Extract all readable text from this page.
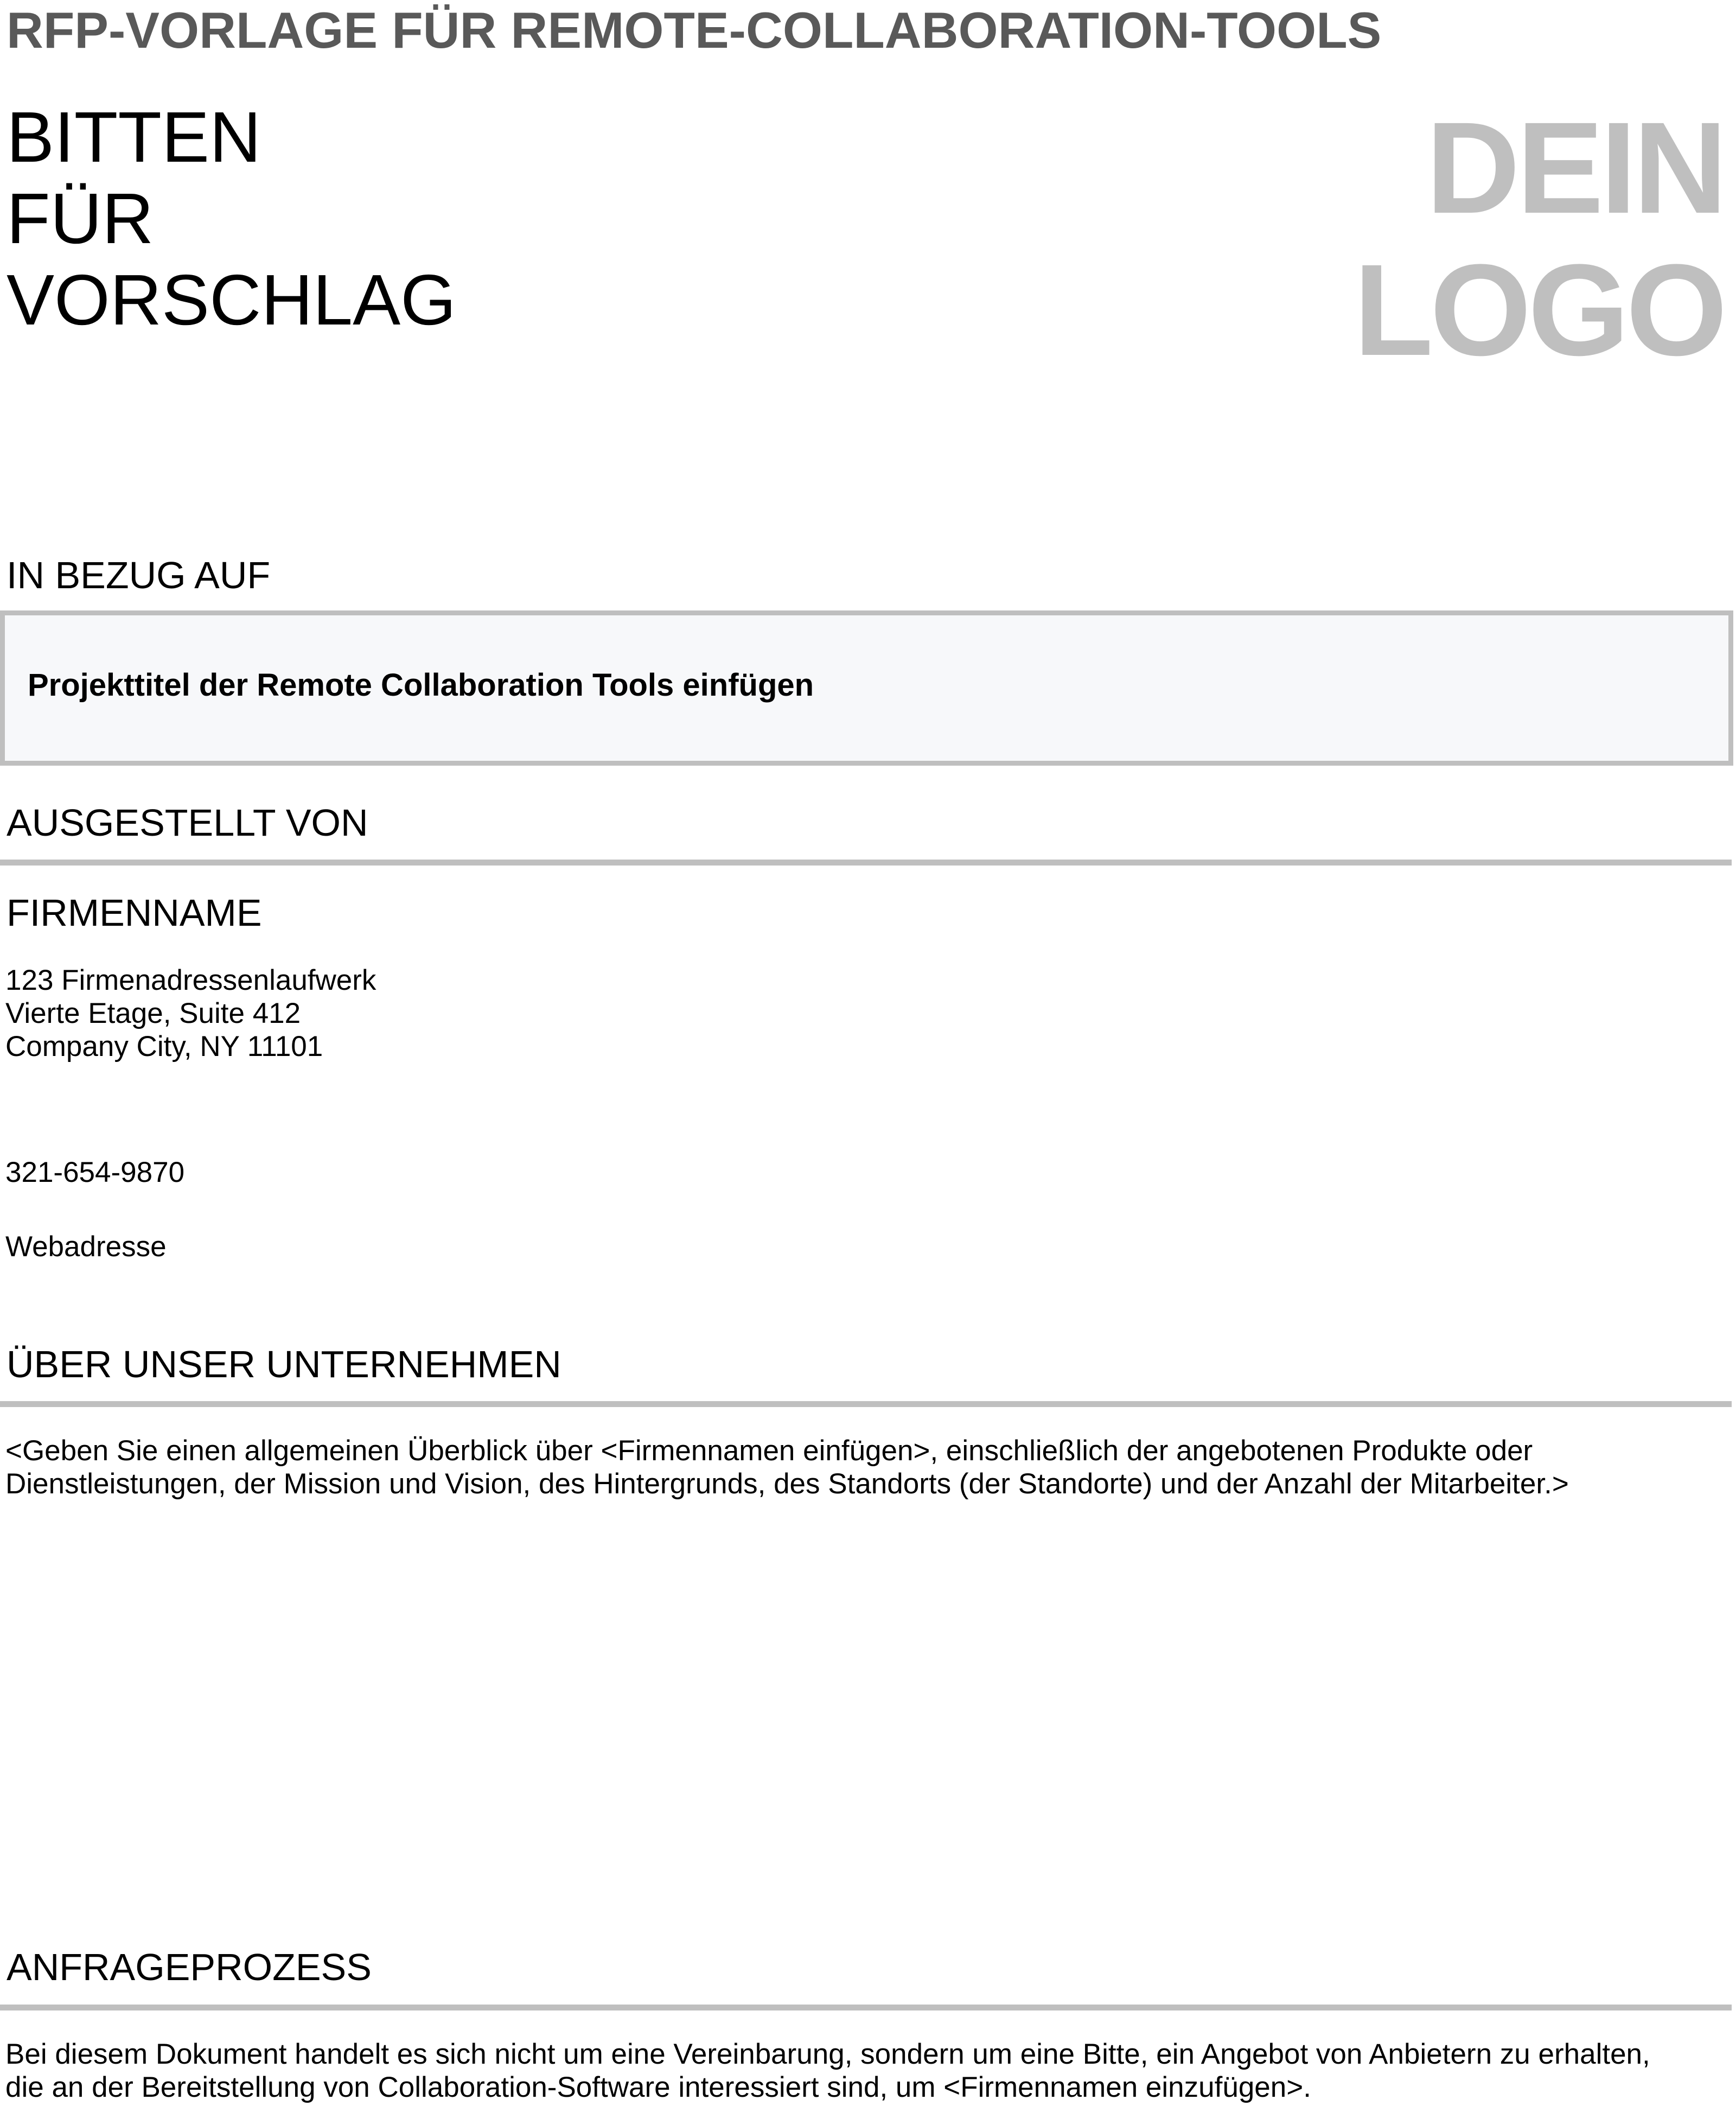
RFP-VORLAGE FÜR REMOTE-COLLABORATION-TOOLS
BITTEN
FÜR
VORSCHLAG
DEIN
LOGO
IN BEZUG AUF
Projekttitel der Remote Collaboration Tools einfügen
AUSGESTELLT VON
FIRMENNAME
123 Firmenadressenlaufwerk
Vierte Etage, Suite 412
Company City, NY 11101
321-654-9870
Webadresse
ÜBER UNSER UNTERNEHMEN
<Geben Sie einen allgemeinen Überblick über <Firmennamen einfügen>, einschließlich der angebotenen Produkte oder
Dienstleistungen, der Mission und Vision, des Hintergrunds, des Standorts (der Standorte) und der Anzahl der Mitarbeiter.>
ANFRAGEPROZESS
Bei diesem Dokument handelt es sich nicht um eine Vereinbarung, sondern um eine Bitte, ein Angebot von Anbietern zu erhalten,
die an der Bereitstellung von Collaboration-Software interessiert sind, um <Firmennamen einzufügen>.
